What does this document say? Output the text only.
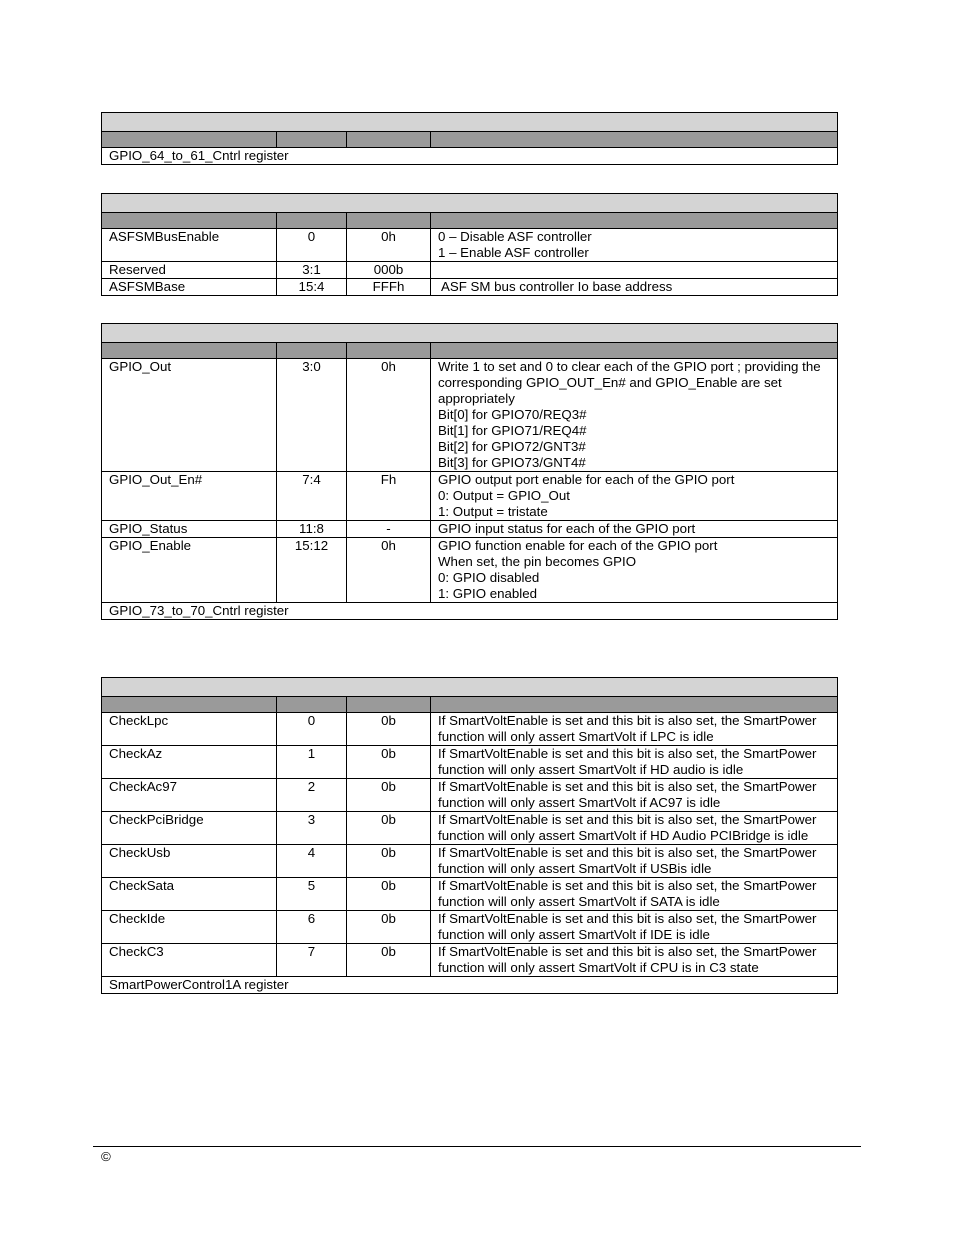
GPIO_64_to_61_Cntrl register

ASFSMBusEnable	0	0h	0 – Disable ASF controller
1 – Enable ASF controller
Reserved	3:1	000b	
ASFSMBase	15:4	FFFh	ASF SM bus controller Io base address

GPIO_Out	3:0	0h	Write 1 to set and 0 to clear each of the GPIO port ; providing the corresponding GPIO_OUT_En# and GPIO_Enable are set appropriately
Bit[0] for GPIO70/REQ3#
Bit[1] for GPIO71/REQ4#
Bit[2] for GPIO72/GNT3#
Bit[3] for GPIO73/GNT4#
GPIO_Out_En#	7:4	Fh	GPIO output port enable for each of the GPIO port
0: Output = GPIO_Out
1: Output = tristate
GPIO_Status	11:8	-	GPIO input status for each of the GPIO port
GPIO_Enable	15:12	0h	GPIO function enable for each of the GPIO port
When set, the pin becomes GPIO
0: GPIO disabled
1: GPIO enabled
GPIO_73_to_70_Cntrl register			

CheckLpc	0	0b	If SmartVoltEnable is set and this bit is also set, the SmartPower function will only assert SmartVolt if LPC is idle
CheckAz	1	0b	If SmartVoltEnable is set and this bit is also set, the SmartPower function will only assert SmartVolt if HD audio is idle
CheckAc97	2	0b	If SmartVoltEnable is set and this bit is also set, the SmartPower function will only assert SmartVolt if AC97 is idle
CheckPciBridge	3	0b	If SmartVoltEnable is set and this bit is also set, the SmartPower function will only assert SmartVolt if HD Audio PCIBridge is idle
CheckUsb	4	0b	If SmartVoltEnable is set and this bit is also set, the SmartPower function will only assert SmartVolt if USBis idle
CheckSata	5	0b	If SmartVoltEnable is set and this bit is also set, the SmartPower function will only assert SmartVolt if SATA is idle
CheckIde	6	0b	If SmartVoltEnable is set and this bit is also set, the SmartPower function will only assert SmartVolt if IDE is idle
CheckC3	7	0b	If SmartVoltEnable is set and this bit is also set, the SmartPower function will only assert SmartVolt if CPU is in C3 state
SmartPowerControl1A register			
©
